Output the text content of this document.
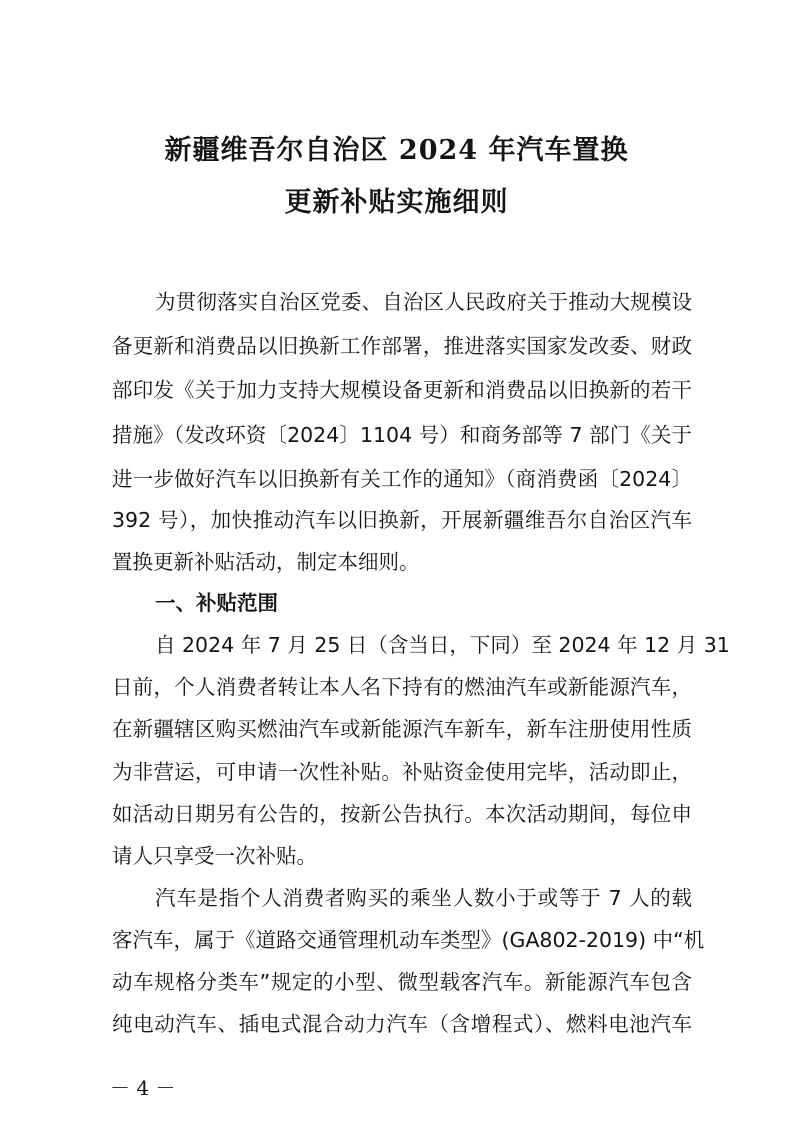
新疆维吾尔自治区 2024 年汽车置换
更新补贴实施细则
为贯彻落实自治区党委、自治区人民政府关于推动大规模设
备更新和消费品以旧换新工作部署，推进落实国家发改委、财政
部印发《关于加力支持大规模设备更新和消费品以旧换新的若干
措施》（发改环资〔2024〕1104 号）和商务部等 7 部门《关于
进一步做好汽车以旧换新有关工作的通知》（商消费函〔2024〕
392 号），加快推动汽车以旧换新，开展新疆维吾尔自治区汽车
置换更新补贴活动，制定本细则。
一、补贴范围
自 2024 年 7 月 25 日（含当日，下同）至 2024 年 12 月 31
日前，个人消费者转让本人名下持有的燃油汽车或新能源汽车，
在新疆辖区购买燃油汽车或新能源汽车新车，新车注册使用性质
为非营运，可申请一次性补贴。补贴资金使用完毕，活动即止，
如活动日期另有公告的，按新公告执行。本次活动期间，每位申
请人只享受一次补贴。
汽车是指个人消费者购买的乘坐人数小于或等于 7 人的载
客汽车，属于《道路交通管理机动车类型》(GA802-2019) 中“机
动车规格分类车”规定的小型、微型载客汽车。新能源汽车包含
纯电动汽车、插电式混合动力汽车（含增程式）、燃料电池汽车
－ 4 －
